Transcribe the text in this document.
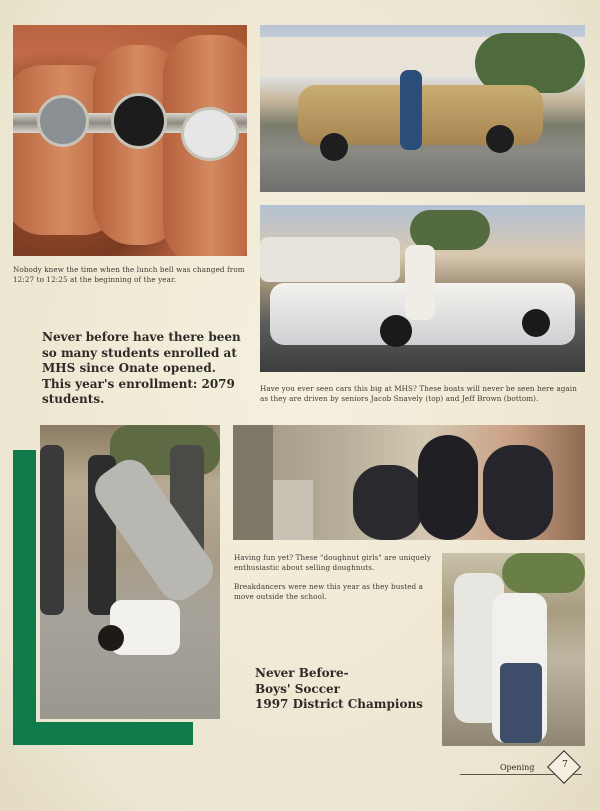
Nobody knew the time when the lunch bell was changed from 12:27 to 12:25 at the beginning of the year.
Never before have there been so many students enrolled at MHS since Onate opened. This year's enrollment: 2079 students.
Have you ever seen cars this big at MHS? These boats will never be seen here again as they are driven by seniors Jacob Snavely (top) and Jeff Brown (bottom).
Having fun yet? These "doughnut girls" are uniquely enthusiastic about selling doughnuts.
Breakdancers were new this year as they busted a move outside the school.
Never Before-
Boys' Soccer
1997 District Champions
Opening	7
